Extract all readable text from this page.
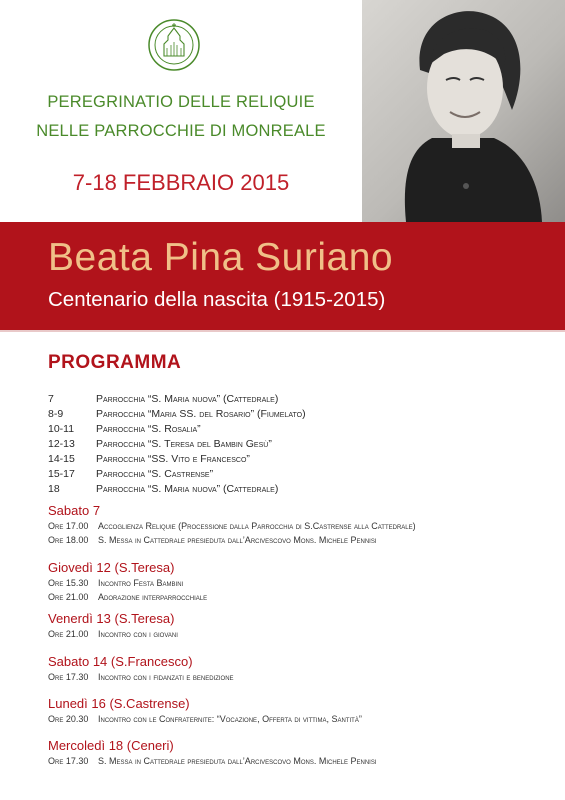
PEREGRINATIO DELLE RELIQUIE
NELLE PARROCCHIE DI MONREALE
7-18 FEBBRAIO 2015
Beata Pina Suriano
Centenario della nascita (1915-2015)
PROGRAMMA
7	Parrocchia “S. Maria nuova” (Cattedrale)
8-9	Parrocchia “Maria SS. del Rosario” (Fiumelato)
10-11 Parrocchia “S. Rosalia”
12-13 Parrocchia “S. Teresa del Bambin Gesù”
14-15 Parrocchia “SS. Vito e Francesco”
15-17 Parrocchia “S. Castrense”
18	Parrocchia “S. Maria nuova” (Cattedrale)
Sabato 7
Ore 17.00 Accoglienza Reliquie (Processione dalla Parrocchia di S.Castrense alla Cattedrale)
Ore 18.00 S. Messa in Cattedrale presieduta dall’Arcivescovo Mons. Michele Pennisi
Giovedì 12 (S.Teresa)
Ore 15.30 Incontro Festa Bambini
Ore 21.00 Adorazione interparrocchiale
Venerdì 13 (S.Teresa)
Ore 21.00 Incontro con i giovani
Sabato 14 (S.Francesco)
Ore 17.30 Incontro con i fidanzati e benedizione
Lunedì 16 (S.Castrense)
Ore 20.30 Incontro con le Confraternite: “Vocazione, Offerta di vittima, Santità”
Mercoledì 18 (Ceneri)
Ore 17.30 S. Messa in Cattedrale presieduta dall’Arcivescovo Mons. Michele Pennisi
